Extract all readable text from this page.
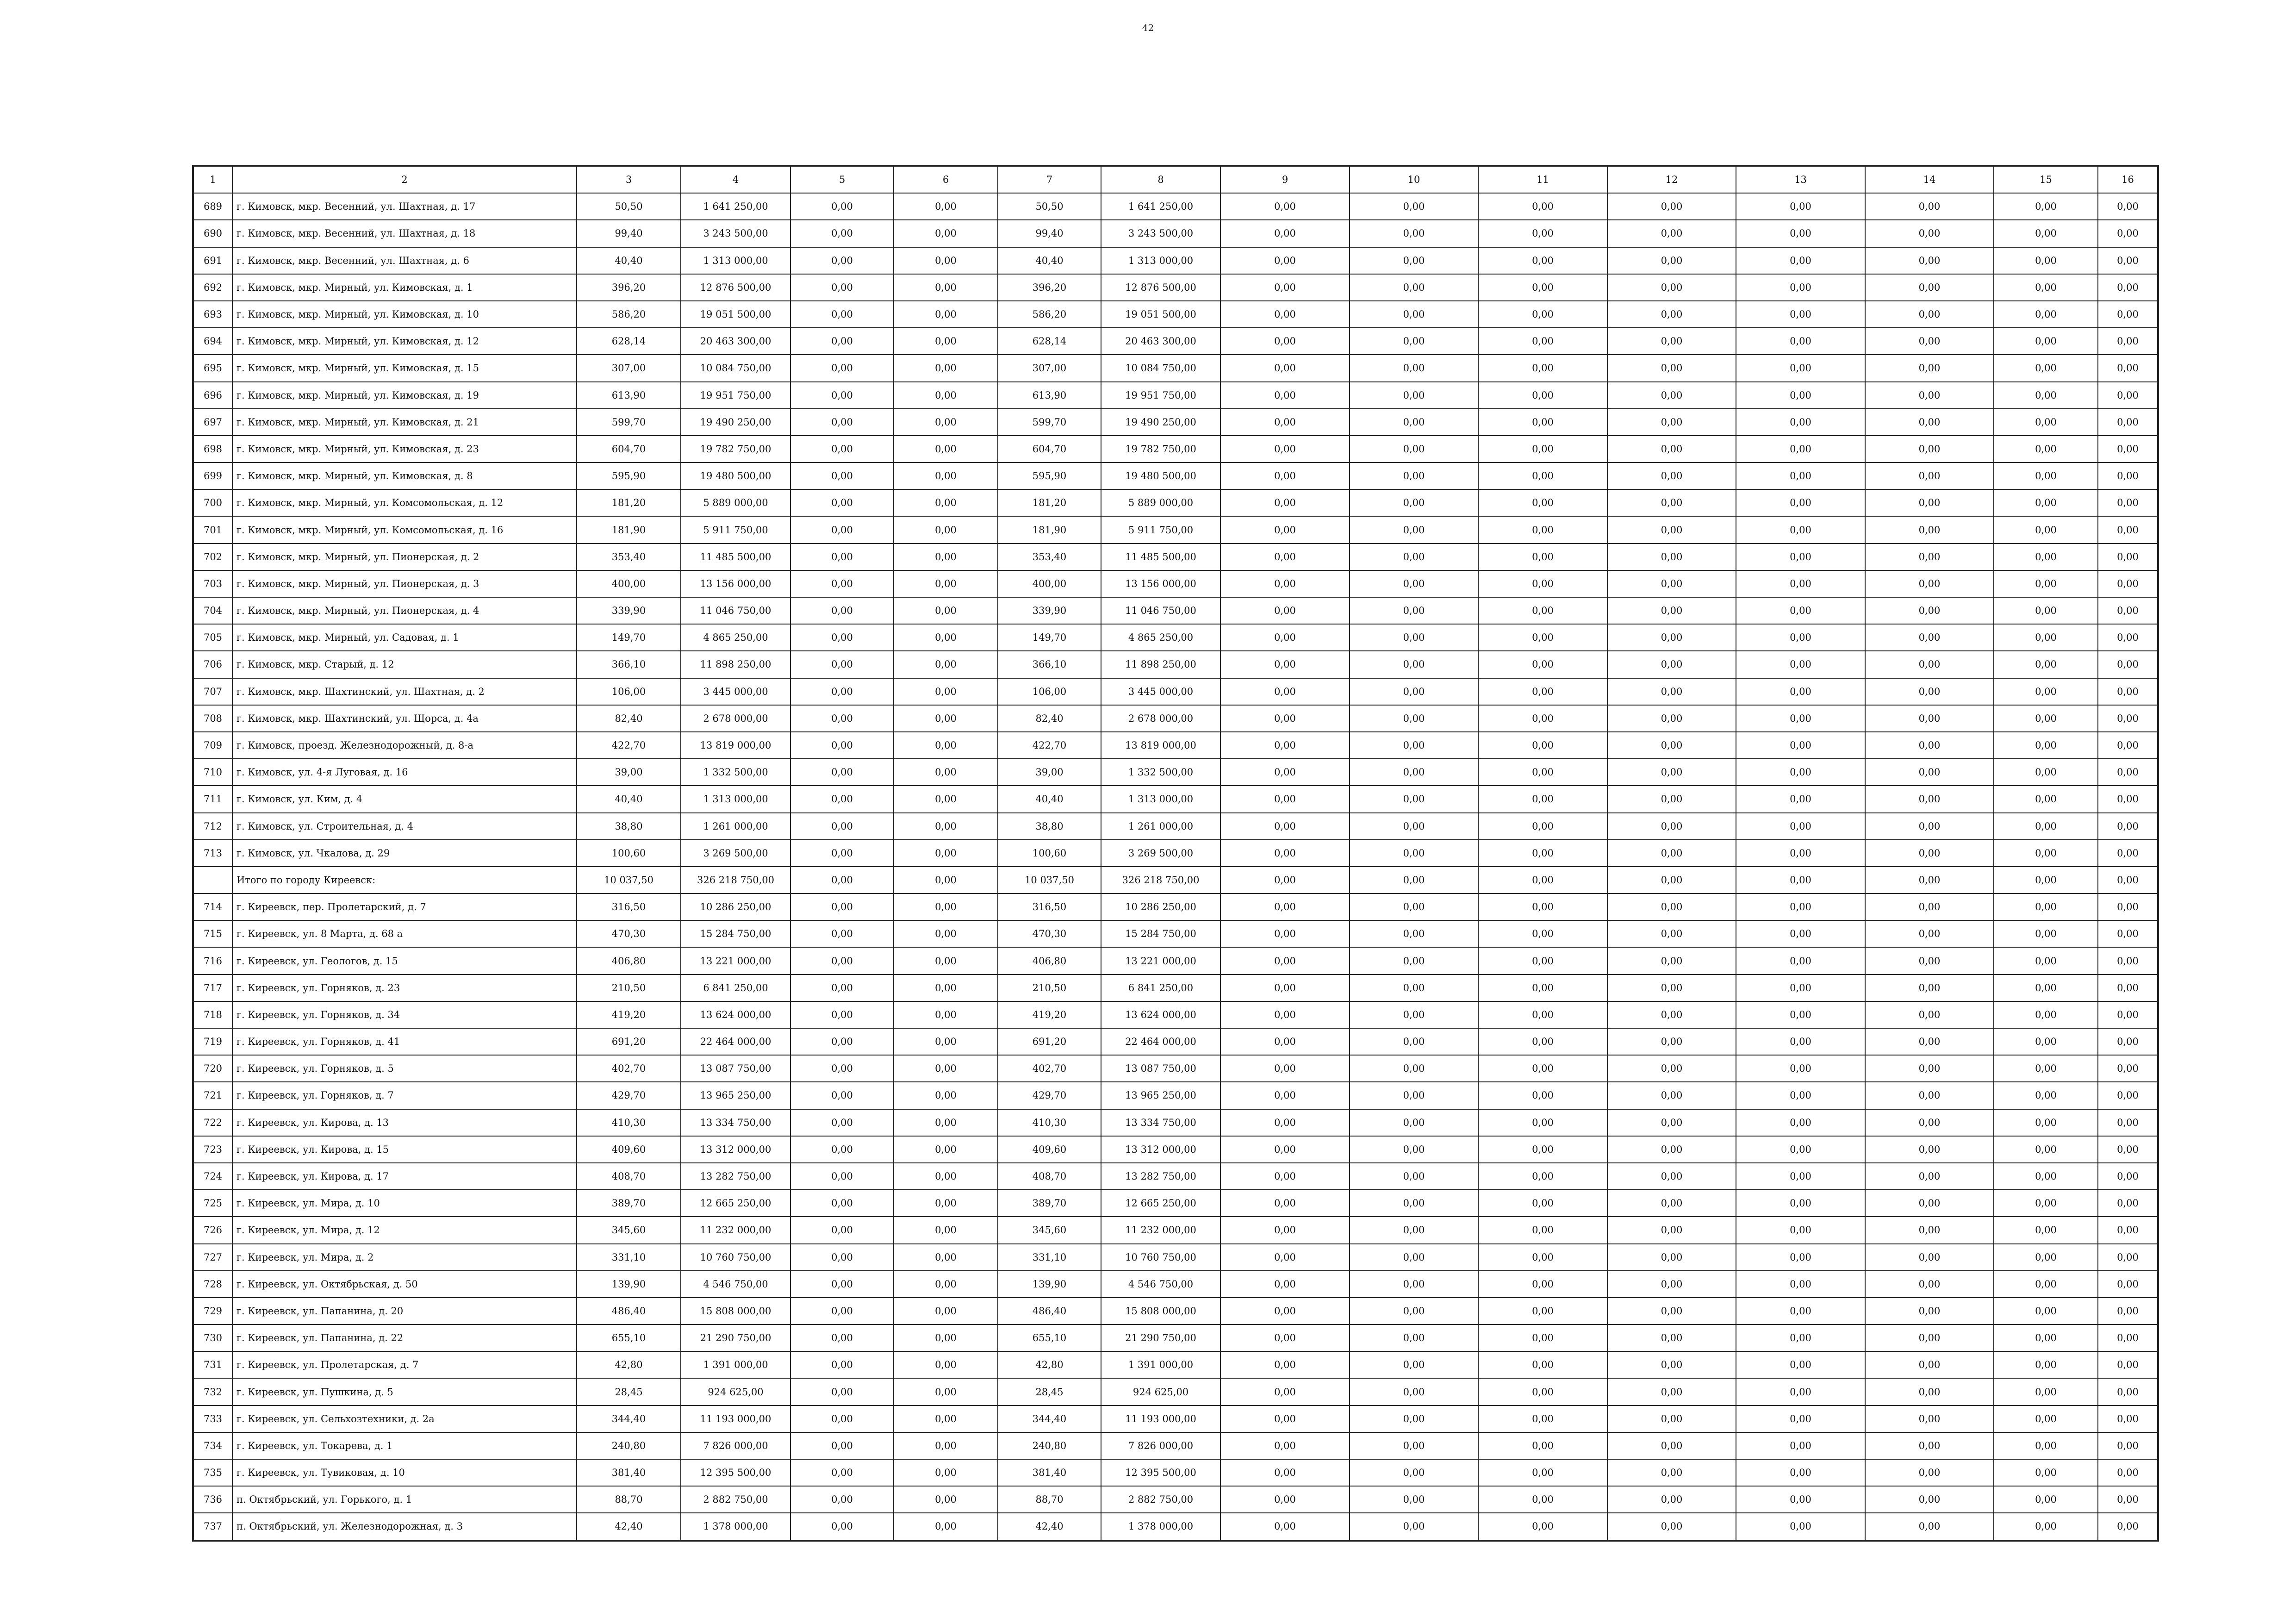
42
1	2	3	4	5	6	7	8	9	10	11	12	13	14	15	16
689	г. Кимовск, мкр. Весенний, ул. Шахтная, д. 17	50,50	1 641 250,00	0,00	0,00	50,50	1 641 250,00	0,00	0,00	0,00	0,00	0,00	0,00	0,00	0,00
690	г. Кимовск, мкр. Весенний, ул. Шахтная, д. 18	99,40	3 243 500,00	0,00	0,00	99,40	3 243 500,00	0,00	0,00	0,00	0,00	0,00	0,00	0,00	0,00
691	г. Кимовск, мкр. Весенний, ул. Шахтная, д. 6	40,40	1 313 000,00	0,00	0,00	40,40	1 313 000,00	0,00	0,00	0,00	0,00	0,00	0,00	0,00	0,00
692	г. Кимовск, мкр. Мирный, ул. Кимовская, д. 1	396,20	12 876 500,00	0,00	0,00	396,20	12 876 500,00	0,00	0,00	0,00	0,00	0,00	0,00	0,00	0,00
693	г. Кимовск, мкр. Мирный, ул. Кимовская, д. 10	586,20	19 051 500,00	0,00	0,00	586,20	19 051 500,00	0,00	0,00	0,00	0,00	0,00	0,00	0,00	0,00
694	г. Кимовск, мкр. Мирный, ул. Кимовская, д. 12	628,14	20 463 300,00	0,00	0,00	628,14	20 463 300,00	0,00	0,00	0,00	0,00	0,00	0,00	0,00	0,00
695	г. Кимовск, мкр. Мирный, ул. Кимовская, д. 15	307,00	10 084 750,00	0,00	0,00	307,00	10 084 750,00	0,00	0,00	0,00	0,00	0,00	0,00	0,00	0,00
696	г. Кимовск, мкр. Мирный, ул. Кимовская, д. 19	613,90	19 951 750,00	0,00	0,00	613,90	19 951 750,00	0,00	0,00	0,00	0,00	0,00	0,00	0,00	0,00
697	г. Кимовск, мкр. Мирный, ул. Кимовская, д. 21	599,70	19 490 250,00	0,00	0,00	599,70	19 490 250,00	0,00	0,00	0,00	0,00	0,00	0,00	0,00	0,00
698	г. Кимовск, мкр. Мирный, ул. Кимовская, д. 23	604,70	19 782 750,00	0,00	0,00	604,70	19 782 750,00	0,00	0,00	0,00	0,00	0,00	0,00	0,00	0,00
699	г. Кимовск, мкр. Мирный, ул. Кимовская, д. 8	595,90	19 480 500,00	0,00	0,00	595,90	19 480 500,00	0,00	0,00	0,00	0,00	0,00	0,00	0,00	0,00
700	г. Кимовск, мкр. Мирный, ул. Комсомольская, д. 12	181,20	5 889 000,00	0,00	0,00	181,20	5 889 000,00	0,00	0,00	0,00	0,00	0,00	0,00	0,00	0,00
701	г. Кимовск, мкр. Мирный, ул. Комсомольская, д. 16	181,90	5 911 750,00	0,00	0,00	181,90	5 911 750,00	0,00	0,00	0,00	0,00	0,00	0,00	0,00	0,00
702	г. Кимовск, мкр. Мирный, ул. Пионерская, д. 2	353,40	11 485 500,00	0,00	0,00	353,40	11 485 500,00	0,00	0,00	0,00	0,00	0,00	0,00	0,00	0,00
703	г. Кимовск, мкр. Мирный, ул. Пионерская, д. 3	400,00	13 156 000,00	0,00	0,00	400,00	13 156 000,00	0,00	0,00	0,00	0,00	0,00	0,00	0,00	0,00
704	г. Кимовск, мкр. Мирный, ул. Пионерская, д. 4	339,90	11 046 750,00	0,00	0,00	339,90	11 046 750,00	0,00	0,00	0,00	0,00	0,00	0,00	0,00	0,00
705	г. Кимовск, мкр. Мирный, ул. Садовая, д. 1	149,70	4 865 250,00	0,00	0,00	149,70	4 865 250,00	0,00	0,00	0,00	0,00	0,00	0,00	0,00	0,00
706	г. Кимовск, мкр. Старый, д. 12	366,10	11 898 250,00	0,00	0,00	366,10	11 898 250,00	0,00	0,00	0,00	0,00	0,00	0,00	0,00	0,00
707	г. Кимовск, мкр. Шахтинский, ул. Шахтная, д. 2	106,00	3 445 000,00	0,00	0,00	106,00	3 445 000,00	0,00	0,00	0,00	0,00	0,00	0,00	0,00	0,00
708	г. Кимовск, мкр. Шахтинский, ул. Щорса, д. 4а	82,40	2 678 000,00	0,00	0,00	82,40	2 678 000,00	0,00	0,00	0,00	0,00	0,00	0,00	0,00	0,00
709	г. Кимовск, проезд. Железнодорожный, д. 8-а	422,70	13 819 000,00	0,00	0,00	422,70	13 819 000,00	0,00	0,00	0,00	0,00	0,00	0,00	0,00	0,00
710	г. Кимовск, ул. 4-я Луговая, д. 16	39,00	1 332 500,00	0,00	0,00	39,00	1 332 500,00	0,00	0,00	0,00	0,00	0,00	0,00	0,00	0,00
711	г. Кимовск, ул. Ким, д. 4	40,40	1 313 000,00	0,00	0,00	40,40	1 313 000,00	0,00	0,00	0,00	0,00	0,00	0,00	0,00	0,00
712	г. Кимовск, ул. Строительная, д. 4	38,80	1 261 000,00	0,00	0,00	38,80	1 261 000,00	0,00	0,00	0,00	0,00	0,00	0,00	0,00	0,00
713	г. Кимовск, ул. Чкалова, д. 29	100,60	3 269 500,00	0,00	0,00	100,60	3 269 500,00	0,00	0,00	0,00	0,00	0,00	0,00	0,00	0,00
	Итого по городу Киреевск:	10 037,50	326 218 750,00	0,00	0,00	10 037,50	326 218 750,00	0,00	0,00	0,00	0,00	0,00	0,00	0,00	0,00
714	г. Киреевск, пер. Пролетарский, д. 7	316,50	10 286 250,00	0,00	0,00	316,50	10 286 250,00	0,00	0,00	0,00	0,00	0,00	0,00	0,00	0,00
715	г. Киреевск, ул. 8 Марта, д. 68 а	470,30	15 284 750,00	0,00	0,00	470,30	15 284 750,00	0,00	0,00	0,00	0,00	0,00	0,00	0,00	0,00
716	г. Киреевск, ул. Геологов, д. 15	406,80	13 221 000,00	0,00	0,00	406,80	13 221 000,00	0,00	0,00	0,00	0,00	0,00	0,00	0,00	0,00
717	г. Киреевск, ул. Горняков, д. 23	210,50	6 841 250,00	0,00	0,00	210,50	6 841 250,00	0,00	0,00	0,00	0,00	0,00	0,00	0,00	0,00
718	г. Киреевск, ул. Горняков, д. 34	419,20	13 624 000,00	0,00	0,00	419,20	13 624 000,00	0,00	0,00	0,00	0,00	0,00	0,00	0,00	0,00
719	г. Киреевск, ул. Горняков, д. 41	691,20	22 464 000,00	0,00	0,00	691,20	22 464 000,00	0,00	0,00	0,00	0,00	0,00	0,00	0,00	0,00
720	г. Киреевск, ул. Горняков, д. 5	402,70	13 087 750,00	0,00	0,00	402,70	13 087 750,00	0,00	0,00	0,00	0,00	0,00	0,00	0,00	0,00
721	г. Киреевск, ул. Горняков, д. 7	429,70	13 965 250,00	0,00	0,00	429,70	13 965 250,00	0,00	0,00	0,00	0,00	0,00	0,00	0,00	0,00
722	г. Киреевск, ул. Кирова, д. 13	410,30	13 334 750,00	0,00	0,00	410,30	13 334 750,00	0,00	0,00	0,00	0,00	0,00	0,00	0,00	0,00
723	г. Киреевск, ул. Кирова, д. 15	409,60	13 312 000,00	0,00	0,00	409,60	13 312 000,00	0,00	0,00	0,00	0,00	0,00	0,00	0,00	0,00
724	г. Киреевск, ул. Кирова, д. 17	408,70	13 282 750,00	0,00	0,00	408,70	13 282 750,00	0,00	0,00	0,00	0,00	0,00	0,00	0,00	0,00
725	г. Киреевск, ул. Мира, д. 10	389,70	12 665 250,00	0,00	0,00	389,70	12 665 250,00	0,00	0,00	0,00	0,00	0,00	0,00	0,00	0,00
726	г. Киреевск, ул. Мира, д. 12	345,60	11 232 000,00	0,00	0,00	345,60	11 232 000,00	0,00	0,00	0,00	0,00	0,00	0,00	0,00	0,00
727	г. Киреевск, ул. Мира, д. 2	331,10	10 760 750,00	0,00	0,00	331,10	10 760 750,00	0,00	0,00	0,00	0,00	0,00	0,00	0,00	0,00
728	г. Киреевск, ул. Октябрьская, д. 50	139,90	4 546 750,00	0,00	0,00	139,90	4 546 750,00	0,00	0,00	0,00	0,00	0,00	0,00	0,00	0,00
729	г. Киреевск, ул. Папанина, д. 20	486,40	15 808 000,00	0,00	0,00	486,40	15 808 000,00	0,00	0,00	0,00	0,00	0,00	0,00	0,00	0,00
730	г. Киреевск, ул. Папанина, д. 22	655,10	21 290 750,00	0,00	0,00	655,10	21 290 750,00	0,00	0,00	0,00	0,00	0,00	0,00	0,00	0,00
731	г. Киреевск, ул. Пролетарская, д. 7	42,80	1 391 000,00	0,00	0,00	42,80	1 391 000,00	0,00	0,00	0,00	0,00	0,00	0,00	0,00	0,00
732	г. Киреевск, ул. Пушкина, д. 5	28,45	924 625,00	0,00	0,00	28,45	924 625,00	0,00	0,00	0,00	0,00	0,00	0,00	0,00	0,00
733	г. Киреевск, ул. Сельхозтехники, д. 2а	344,40	11 193 000,00	0,00	0,00	344,40	11 193 000,00	0,00	0,00	0,00	0,00	0,00	0,00	0,00	0,00
734	г. Киреевск, ул. Токарева, д. 1	240,80	7 826 000,00	0,00	0,00	240,80	7 826 000,00	0,00	0,00	0,00	0,00	0,00	0,00	0,00	0,00
735	г. Киреевск, ул. Тувиковая, д. 10	381,40	12 395 500,00	0,00	0,00	381,40	12 395 500,00	0,00	0,00	0,00	0,00	0,00	0,00	0,00	0,00
736	п. Октябрьский, ул. Горького, д. 1	88,70	2 882 750,00	0,00	0,00	88,70	2 882 750,00	0,00	0,00	0,00	0,00	0,00	0,00	0,00	0,00
737	п. Октябрьский, ул. Железнодорожная, д. 3	42,40	1 378 000,00	0,00	0,00	42,40	1 378 000,00	0,00	0,00	0,00	0,00	0,00	0,00	0,00	0,00
